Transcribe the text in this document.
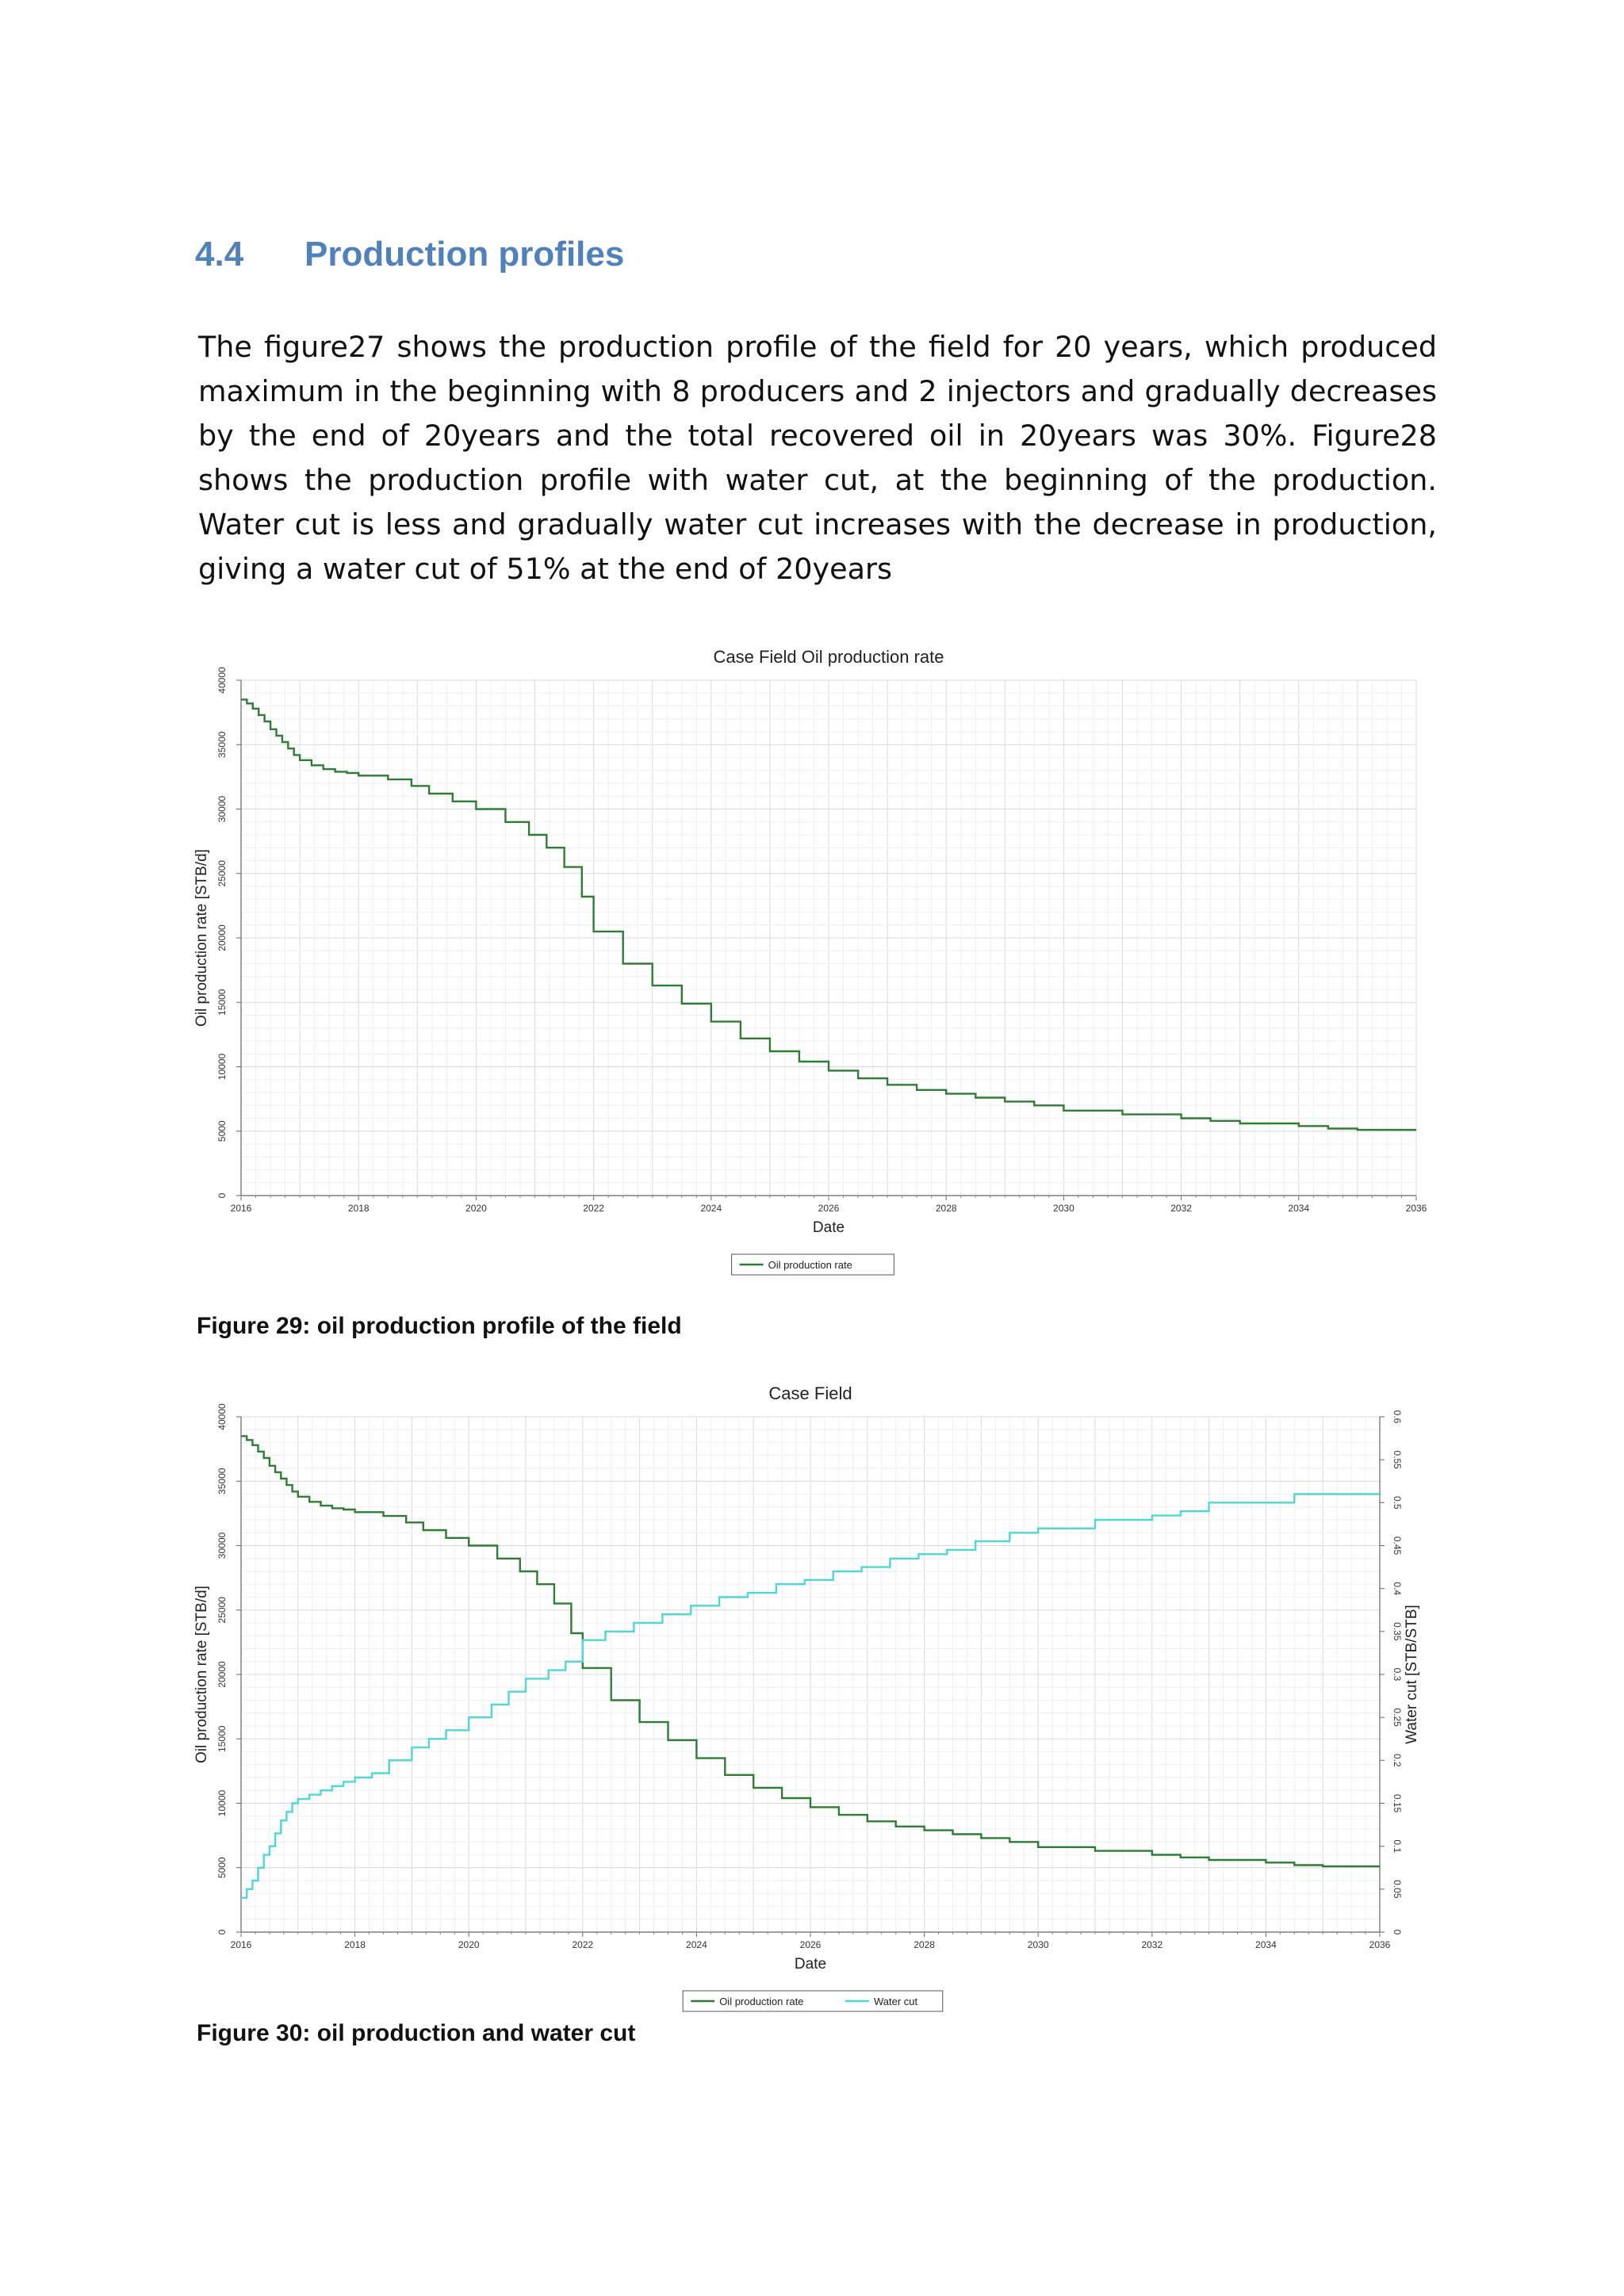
4.4 Production profiles

The figure27 shows the production profile of the field for 20 years, which produced maximum in the beginning with 8 producers and 2 injectors and gradually decreases by the end of 20years and the total recovered oil in 20years was 30%. Figure28 shows the production profile with water cut, at the beginning of the production. Water cut is less and gradually water cut increases with the decrease in production, giving a water cut of 51% at the end of 20years

2016	2018	2020	2022	2024	2026	2028	2030	2032	2034	2036
0
5000
10000
15000
20000
25000
30000
35000
40000
Case Field Oil production rate
Date
Oil production rate [STB/d]
Oil production rate

Figure 29: oil production profile of the field

2016	2018	2020	2022	2024	2026	2028	2030	2032	2034	2036
0
5000
10000
15000
20000
25000
30000
35000
40000
0
0.05
0.1
0.15
0.2
0.25
0.3
0.35
0.4
0.45
0.5
0.55
0.6
Case Field
Date
Oil production rate [STB/d]	Water cut [STB/STB]
Oil production rate	Water cut

Figure 30: oil production and water cut
